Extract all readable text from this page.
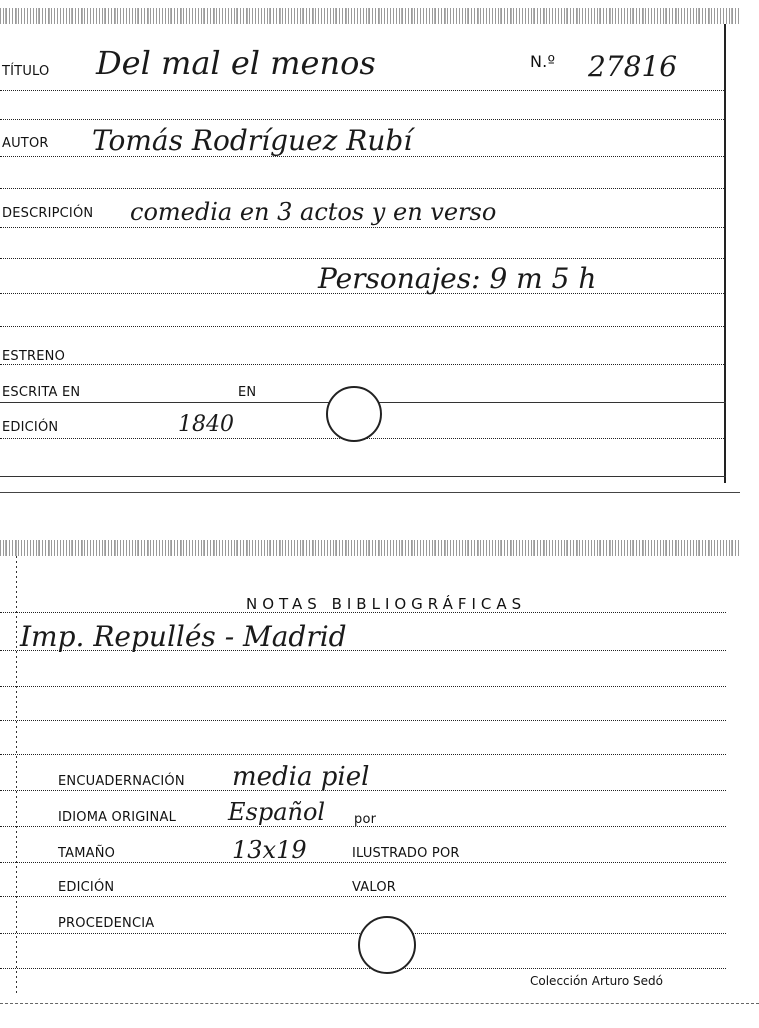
TÍTULO Del mal el menos	N.º 27816
AUTOR Tomás Rodríguez Rubí
DESCRIPCIÓN comedia en 3 actos y en verso
Personajes: 9 m 5 h
ESTRENO
ESCRITA EN	EN
EDICIÓN	1840
NOTAS BIBLIOGRÁFICAS
Imp. Repullés - Madrid
ENCUADERNACIÓN media piel
IDIOMA ORIGINAL Español por
TAMAÑO	13x19	ILUSTRADO POR
EDICIÓN	VALOR
PROCEDENCIA
Colección Arturo Sedó
